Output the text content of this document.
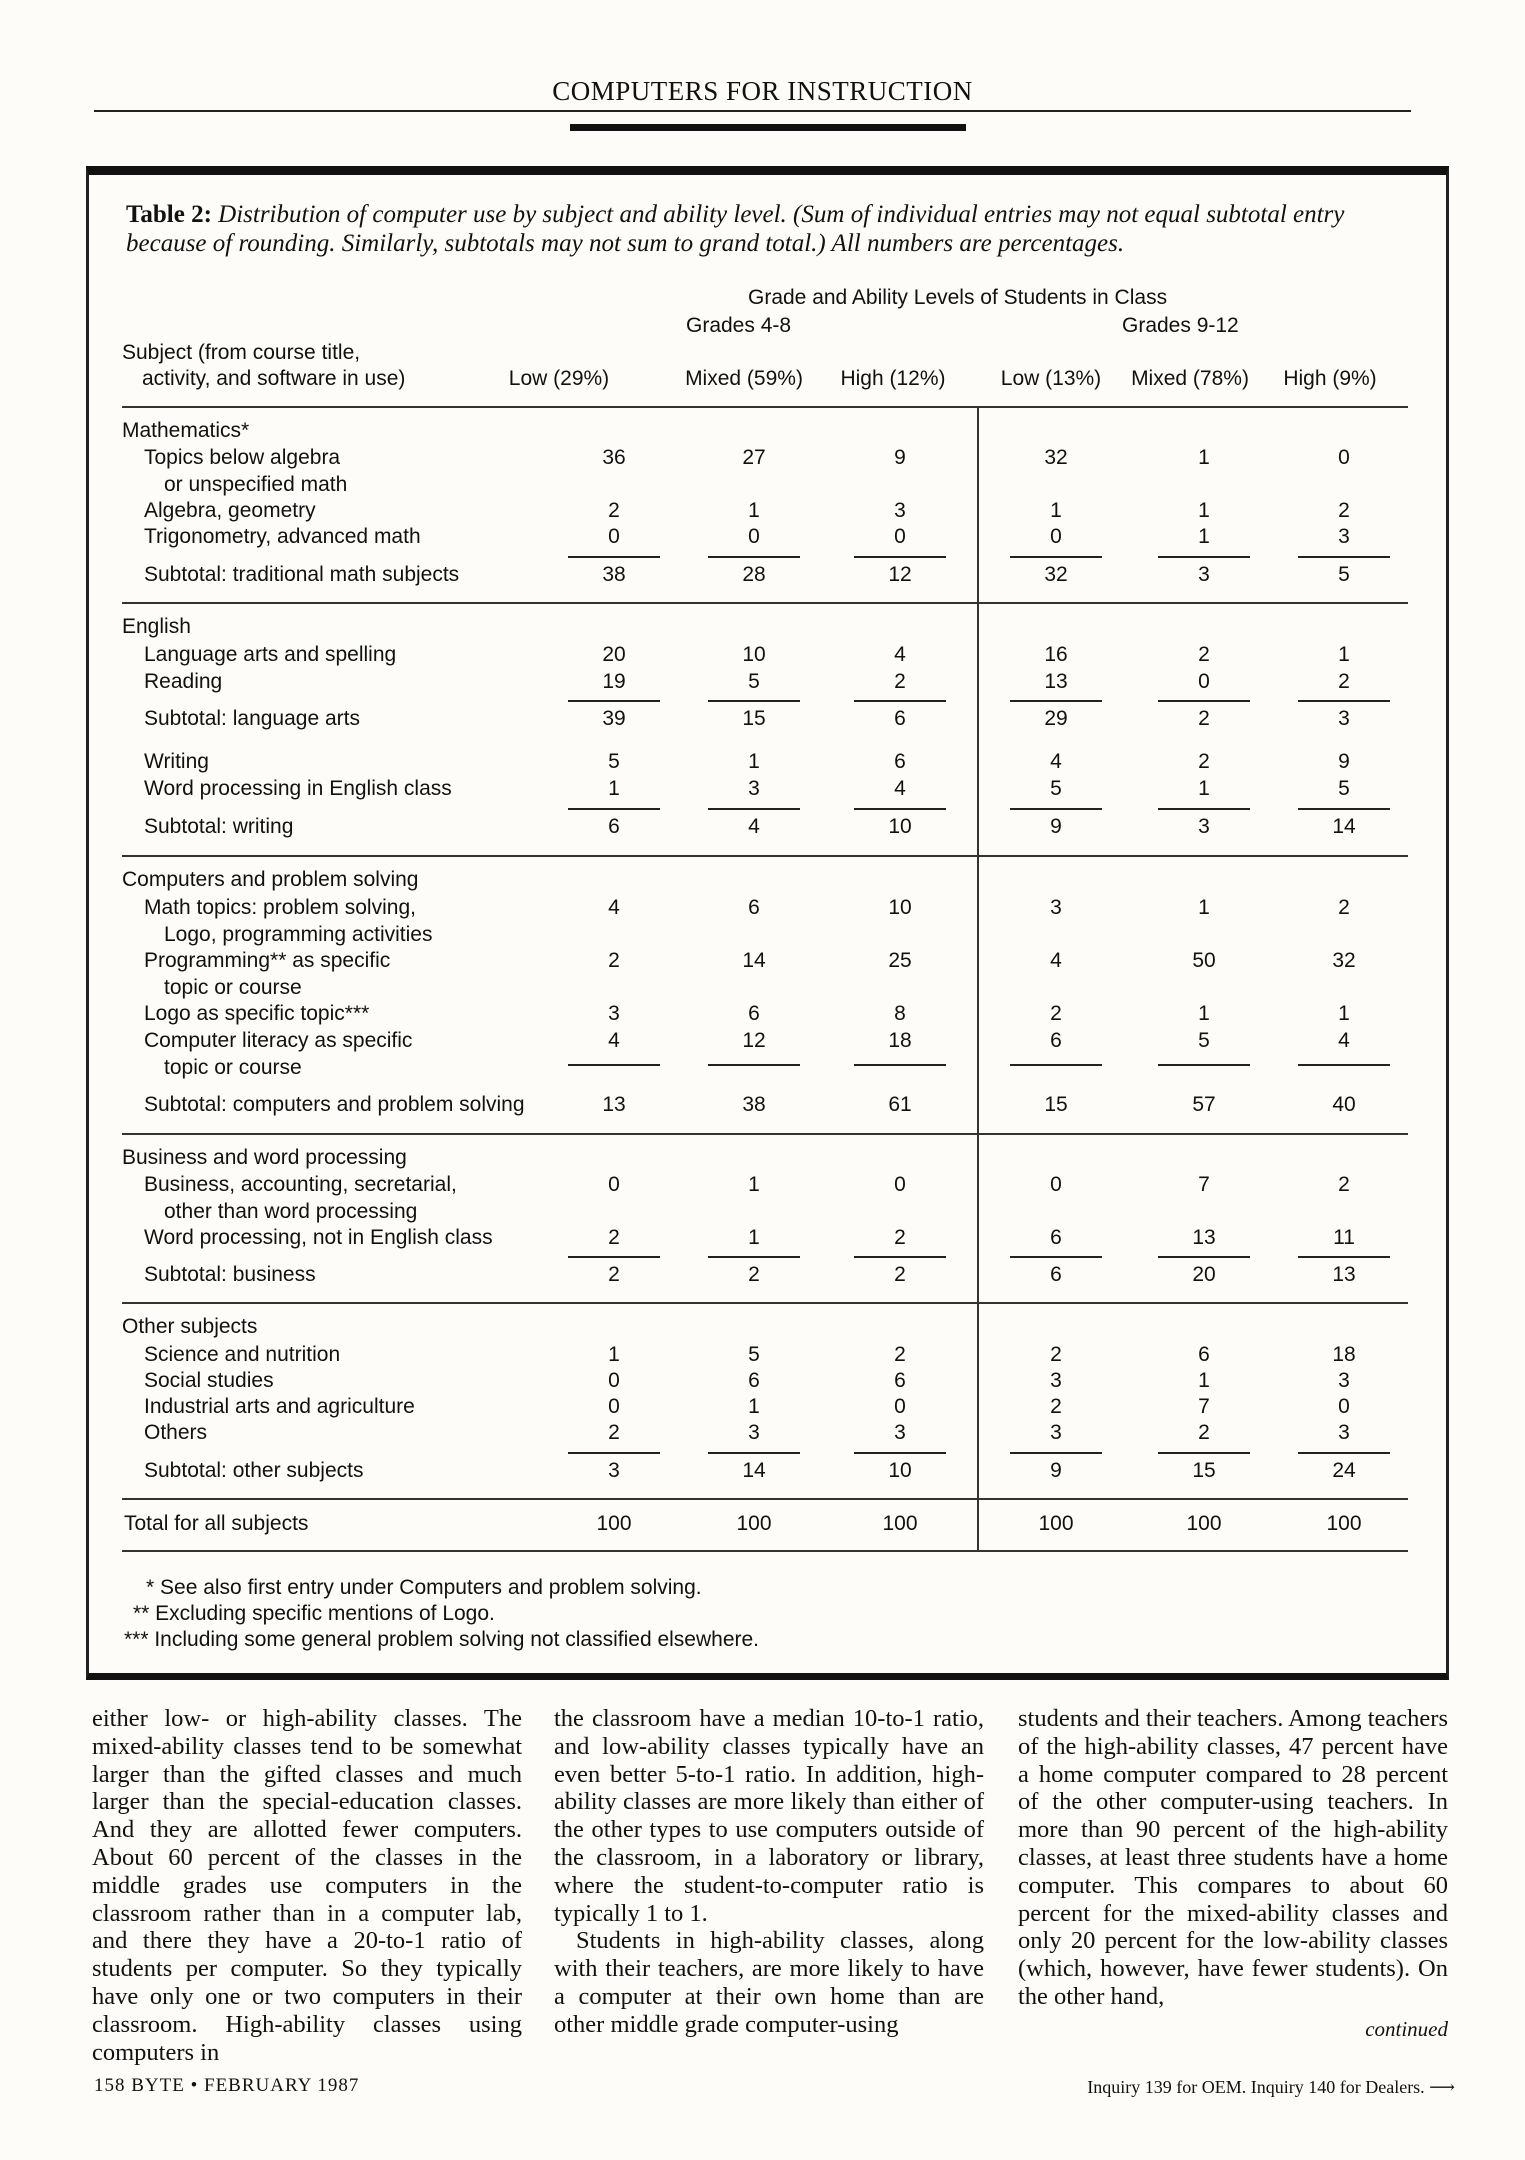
COMPUTERS FOR INSTRUCTION
Table 2: Distribution of computer use by subject and ability level. (Sum of individual entries may not equal subtotal entry because of rounding. Similarly, subtotals may not sum to grand total.) All numbers are percentages.
Grade and Ability Levels of Students in Class
Grades 4-8	Grades 9-12
Subject (from course title,
activity, and software in use)	Low (29%)	Mixed (59%)	High (12%)	Low (13%)	Mixed (78%)	High (9%)
Mathematics*
Topics below algebra
or unspecified math
36	27	9	32	1	0
Algebra, geometry	2	1	3	1	1	2
Trigonometry, advanced math	0	0	0	0	1	3
Subtotal: traditional math subjects	38	28	12	32	3	5
English
Language arts and spelling	20	10	4	16	2	1
Reading	19	5	2	13	0	2
Subtotal: language arts	39	15	6	29	2	3
Writing	5	1	6	4	2	9
Word processing in English class	1	3	4	5	1	5
Subtotal: writing	6	4	10	9	3	14
Computers and problem solving
Math topics: problem solving,
Logo, programming activities
4	6	10	3	1	2
Programming** as specific
topic or course
2	14	25	4	50	32
Logo as specific topic***	3	6	8	2	1	1
Computer literacy as specific
topic or course
4	12	18	6	5	4
Subtotal: computers and problem solving	13	38	61	15	57	40
Business and word processing
Business, accounting, secretarial,
other than word processing
0	1	0	0	7	2
Word processing, not in English class	2	1	2	6	13	11
Subtotal: business	2	2	2	6	20	13
Other subjects
Science and nutrition	1	5	2	2	6	18
Social studies	0	6	6	3	1	3
Industrial arts and agriculture	0	1	0	2	7	0
Others	2	3	3	3	2	3
Subtotal: other subjects	3	14	10	9	15	24
Total for all subjects	100	100	100	100	100	100
* See also first entry under Computers and problem solving.
** Excluding specific mentions of Logo.
*** Including some general problem solving not classified elsewhere.
either low- or high-ability classes. The mixed-ability classes tend to be somewhat larger than the gifted classes and much larger than the special-education classes. And they are allotted fewer computers. About 60 percent of the classes in the middle grades use computers in the classroom rather than in a computer lab, and there they have a 20-to-1 ratio of students per computer. So they typically have only one or two computers in their classroom. High-ability classes using computers in
the classroom have a median 10-to-1 ratio, and low-ability classes typically have an even better 5-to-1 ratio. In addition, high-ability classes are more likely than either of the other types to use computers outside of the classroom, in a laboratory or library, where the student-to-computer ratio is typically 1 to 1.
Students in high-ability classes, along with their teachers, are more likely to have a computer at their own home than are other middle grade computer-using
students and their teachers. Among teachers of the high-ability classes, 47 percent have a home computer compared to 28 percent of the other computer-using teachers. In more than 90 percent of the high-ability classes, at least three students have a home computer. This compares to about 60 percent for the mixed-ability classes and only 20 percent for the low-ability classes (which, however, have fewer students). On the other hand,
continued
158 BYTE • FEBRUARY 1987	Inquiry 139 for OEM. Inquiry 140 for Dealers. ⟶
